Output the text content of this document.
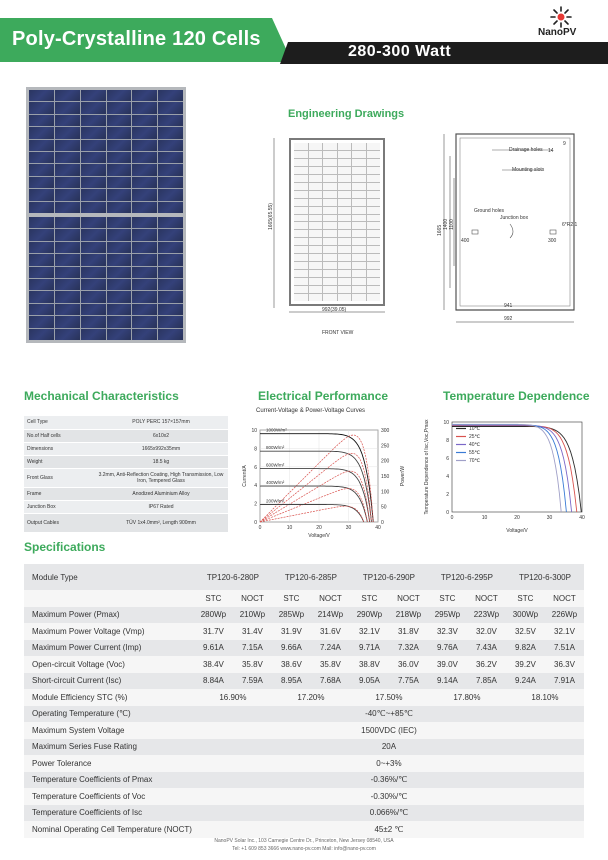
Poly-Crystalline 120 Cells
280-300 Watt
NanoPV
Engineering Drawings
1665(65.55)
992(39.05)
FRONT VIEW
Drainage holes
Mounting slots
Ground holes
Junction box
9
14
6*R2.1
1665
1400 1100
400	300
941
992
Mechanical Characteristics
Cell Type	POLY PERC 157×157mm
No.of Half cells	6x10x2
Dimensions	1665x992x35mm
Weight	18.5 kg
Front Glass	3.2mm, Anti-Reflection Coating, High Transmission, Low Iron, Tempered Glass
Frame	Anodized Aluminium Alloy
Junction Box	IP67 Rated
Output Cables	TÜV 1x4.0mm², Length 900mm
Electrical Performance
Current-Voltage & Power-Voltage Curves
0	10	20	30	40
0
2
4
6
8
10
0
50
100
150
200
250
300
Voltage/V
Current/A	Power/W
1000W/m²
800W/m²
600W/m²
400W/m²
200W/m²
Temperature Dependence
0	10	20	30	40
0
2
4
6
8
10
Voltage/V
Temperature Dependence of Isc,Voc,Pmax	10℃
25℃
40℃
55℃
70℃
Specifications
Module Type	TP120-6-280P		TP120-6-285P		TP120-6-290P		TP120-6-295P		TP120-6-300P	
	STC	NOCT	STC	NOCT	STC	NOCT	STC	NOCT	STC	NOCT
Maximum Power (Pmax)	280Wp	210Wp	285Wp	214Wp	290Wp	218Wp	295Wp	223Wp	300Wp	226Wp
Maximum Power Voltage (Vmp)	31.7V	31.4V	31.9V	31.6V	32.1V	31.8V	32.3V	32.0V	32.5V	32.1V
Maximum Power Current (Imp)	9.61A	7.15A	9.66A	7.24A	9.71A	7.32A	9.76A	7.43A	9.82A	7.51A
Open-circuit Voltage (Voc)	38.4V	35.8V	38.6V	35.8V	38.8V	36.0V	39.0V	36.2V	39.2V	36.3V
Short-circuit Current (Isc)	8.84A	7.59A	8.95A	7.68A	9.05A	7.75A	9.14A	7.85A	9.24A	7.91A
Module Efficiency STC (%)	16.90%		17.20%		17.50%		17.80%		18.10%	
Operating Temperature (℃)	-40℃~+85℃									
Maximum System Voltage	1500VDC (IEC)									
Maximum Series Fuse Rating	20A									
Power Tolerance	0~+3%									
Temperature Coefficients of Pmax	-0.36%/℃									
Temperature Coefficients of Voc	-0.30%/℃									
Temperature Coefficients of Isc	0.066%/℃									
Nominal Operating Cell Temperature (NOCT)	45±2 ℃									
NanoPV Solar Inc., 103 Carnegie Centre Dr., Princeton, New Jersey 08540, USA
Tel: +1 609 853 3666 www.nano-pv.com Mail: info@nano-pv.com
